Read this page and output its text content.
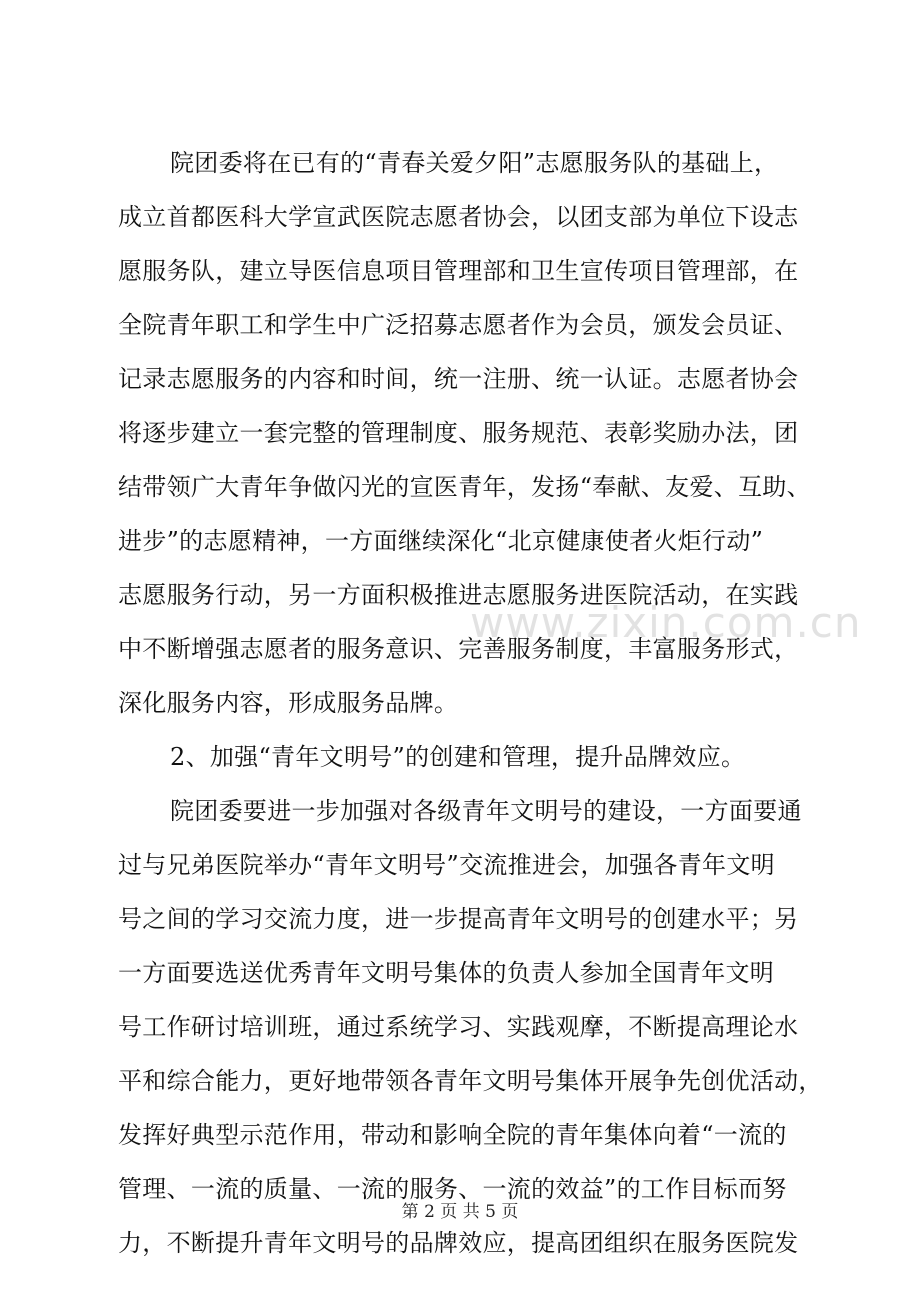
院团委将在已有的“青春关爱夕阳”志愿服务队的基础上，
成立首都医科大学宣武医院志愿者协会，以团支部为单位下设志
愿服务队，建立导医信息项目管理部和卫生宣传项目管理部，在
全院青年职工和学生中广泛招募志愿者作为会员，颁发会员证、
记录志愿服务的内容和时间，统一注册、统一认证。志愿者协会
将逐步建立一套完整的管理制度、服务规范、表彰奖励办法，团
结带领广大青年争做闪光的宣医青年，发扬“奉献、友爱、互助、
进步”的志愿精神，一方面继续深化“北京健康使者火炬行动”
志愿服务行动，另一方面积极推进志愿服务进医院活动，在实践
中不断增强志愿者的服务意识、完善服务制度，丰富服务形式，
深化服务内容，形成服务品牌。
2、加强“青年文明号”的创建和管理，提升品牌效应。
院团委要进一步加强对各级青年文明号的建设，一方面要通
过与兄弟医院举办“青年文明号”交流推进会，加强各青年文明
号之间的学习交流力度，进一步提高青年文明号的创建水平；另
一方面要选送优秀青年文明号集体的负责人参加全国青年文明
号工作研讨培训班，通过系统学习、实践观摩，不断提高理论水
平和综合能力，更好地带领各青年文明号集体开展争先创优活动，
发挥好典型示范作用，带动和影响全院的青年集体向着“一流的
管理、一流的质量、一流的服务、一流的效益”的工作目标而努
力，不断提升青年文明号的品牌效应，提高团组织在服务医院发
www.zixin.com.cn
第 2 页 共 5 页
